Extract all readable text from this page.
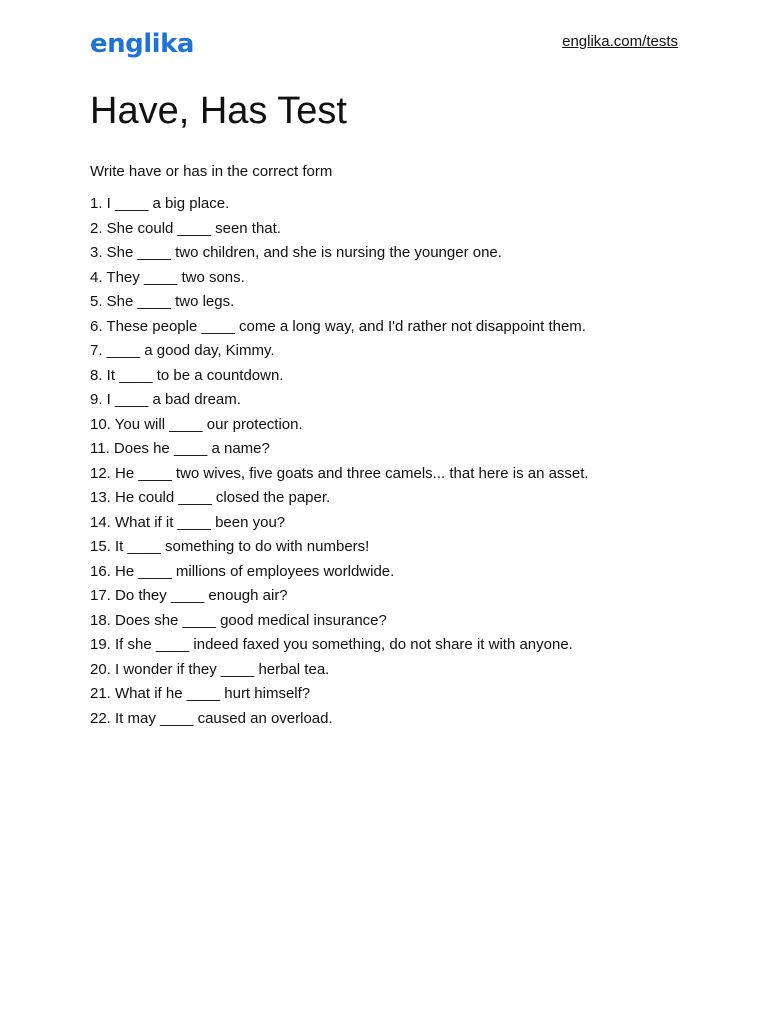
englika	englika.com/tests
Have, Has Test
Write have or has in the correct form
1. I ____ a big place.
2. She could ____ seen that.
3. She ____ two children, and she is nursing the younger one.
4. They ____ two sons.
5. She ____ two legs.
6. These people ____ come a long way, and I'd rather not disappoint them.
7. ____ a good day, Kimmy.
8. It ____ to be a countdown.
9. I ____ a bad dream.
10. You will ____ our protection.
11. Does he ____ a name?
12. He ____ two wives, five goats and three camels... that here is an asset.
13. He could ____ closed the paper.
14. What if it ____ been you?
15. It ____ something to do with numbers!
16. He ____ millions of employees worldwide.
17. Do they ____ enough air?
18. Does she ____ good medical insurance?
19. If she ____ indeed faxed you something, do not share it with anyone.
20. I wonder if they ____ herbal tea.
21. What if he ____ hurt himself?
22. It may ____ caused an overload.
